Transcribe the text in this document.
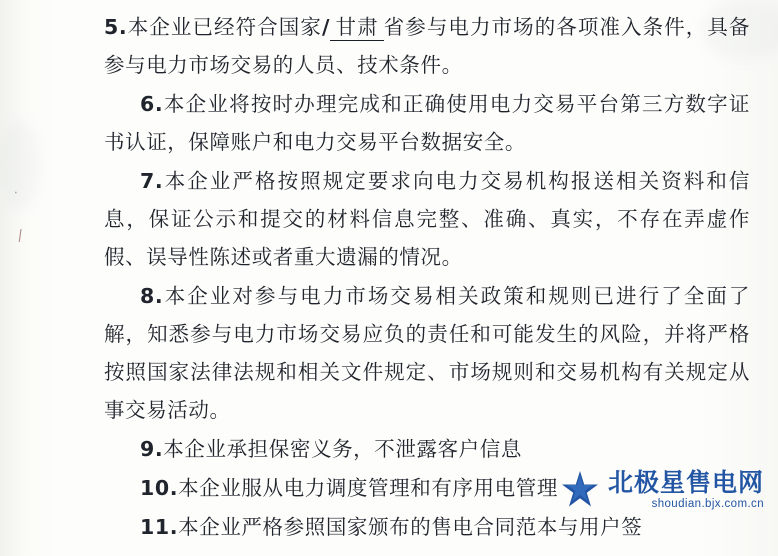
·
|

5.本企业已经符合国家/ 甘肃 省参与电力市场的各项准入条件，具备参与电力市场交易的人员、技术条件。

6.本企业将按时办理完成和正确使用电力交易平台第三方数字证书认证，保障账户和电力交易平台数据安全。

7.本企业严格按照规定要求向电力交易机构报送相关资料和信息，保证公示和提交的材料信息完整、准确、真实，不存在弄虚作假、误导性陈述或者重大遗漏的情况。

8.本企业对参与电力市场交易相关政策和规则已进行了全面了解，知悉参与电力市场交易应负的责任和可能发生的风险，并将严格按照国家法律法规和相关文件规定、市场规则和交易机构有关规定从事交易活动。

9.本企业承担保密义务，不泄露客户信息

10.本企业服从电力调度管理和有序用电管理

11.本企业严格参照国家颁布的售电合同范本与用户签

北极星售电网
shoudian.bjx.com.cn
